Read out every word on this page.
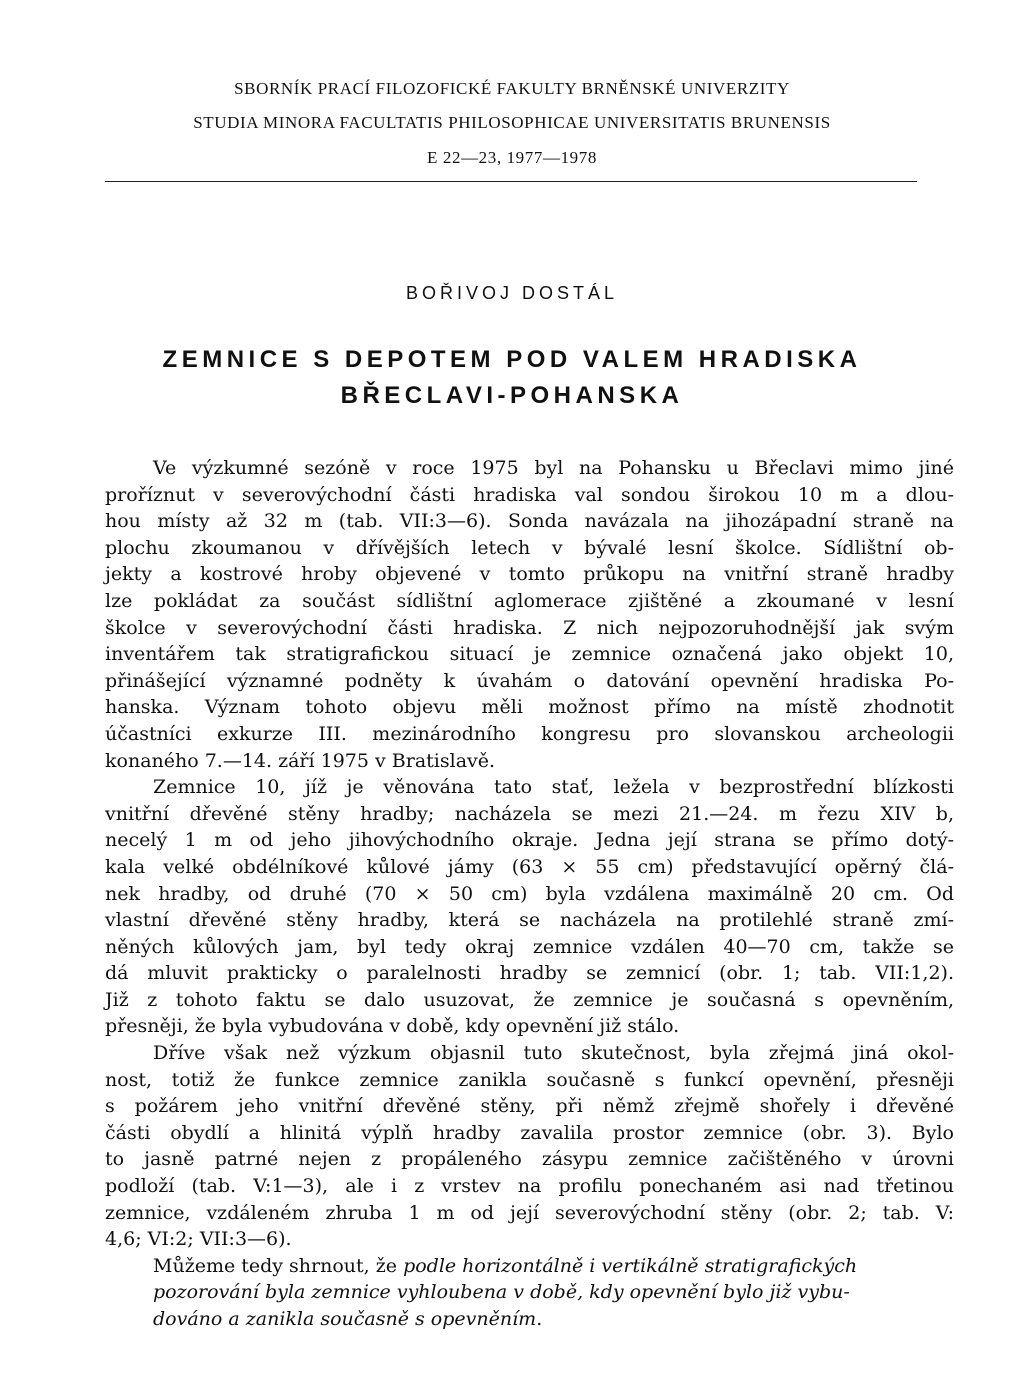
SBORNÍK PRACÍ FILOZOFICKÉ FAKULTY BRNĚNSKÉ UNIVERZITY
STUDIA MINORA FACULTATIS PHILOSOPHICAE UNIVERSITATIS BRUNENSIS
E 22—23, 1977—1978
BOŘIVOJ DOSTÁL
ZEMNICE S DEPOTEM POD VALEM HRADISKA
BŘECLAVI-POHANSKA

Ve výzkumné sezóně v roce 1975 byl na Pohansku u Břeclavi mimo jiné
proříznut v severovýchodní části hradiska val sondou širokou 10 m a dlou-
hou místy až 32 m (tab. VII:3—6). Sonda navázala na jihozápadní straně na
plochu zkoumanou v dřívějších letech v bývalé lesní školce. Sídlištní ob-
jekty a kostrové hroby objevené v tomto průkopu na vnitřní straně hradby
lze pokládat za součást sídlištní aglomerace zjištěné a zkoumané v lesní
školce v severovýchodní části hradiska. Z nich nejpozoruhodnější jak svým
inventářem tak stratigrafickou situací je zemnice označená jako objekt 10,
přinášející významné podněty k úvahám o datování opevnění hradiska Po-
hanska. Význam tohoto objevu měli možnost přímo na místě zhodnotit
účastníci exkurze III. mezinárodního kongresu pro slovanskou archeologii
konaného 7.—14. září 1975 v Bratislavě.

Zemnice 10, jíž je věnována tato stať, ležela v bezprostřední blízkosti
vnitřní dřevěné stěny hradby; nacházela se mezi 21.—24. m řezu XIV b,
necelý 1 m od jeho jihovýchodního okraje. Jedna její strana se přímo dotý-
kala velké obdélníkové kůlové jámy (63 × 55 cm) představující opěrný člá-
nek hradby, od druhé (70 × 50 cm) byla vzdálena maximálně 20 cm. Od
vlastní dřevěné stěny hradby, která se nacházela na protilehlé straně zmí-
něných kůlových jam, byl tedy okraj zemnice vzdálen 40—70 cm, takže se
dá mluvit prakticky o paralelnosti hradby se zemnicí (obr. 1; tab. VII:1,2).
Již z tohoto faktu se dalo usuzovat, že zemnice je současná s opevněním,
přesněji, že byla vybudována v době, kdy opevnění již stálo.

Dříve však než výzkum objasnil tuto skutečnost, byla zřejmá jiná okol-
nost, totiž že funkce zemnice zanikla současně s funkcí opevnění, přesněji
s požárem jeho vnitřní dřevěné stěny, při němž zřejmě shořely i dřevěné
části obydlí a hlinitá výplň hradby zavalila prostor zemnice (obr. 3). Bylo
to jasně patrné nejen z propáleného zásypu zemnice začištěného v úrovni
podloží (tab. V:1—3), ale i z vrstev na profilu ponechaném asi nad třetinou
zemnice, vzdáleném zhruba 1 m od její severovýchodní stěny (obr. 2; tab. V:
4,6; VI:2; VII:3—6).

Můžeme tedy shrnout, že podle horizontálně i vertikálně stratigrafických
pozorování byla zemnice vyhloubena v době, kdy opevnění bylo již vybu-
dováno a zanikla současně s opevněním.
